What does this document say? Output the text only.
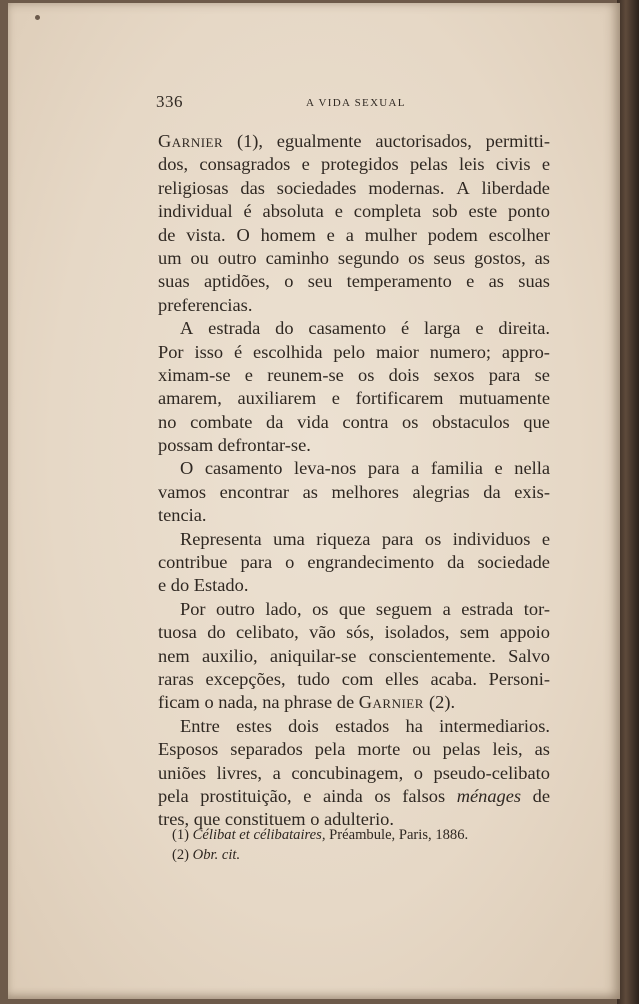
336	A VIDA SEXUAL
Garnier (1), egualmente auctorisados, permitti-
dos, consagrados e protegidos pelas leis civis e
religiosas das sociedades modernas. A liberdade
individual é absoluta e completa sob este ponto
de vista. O homem e a mulher podem escolher
um ou outro caminho segundo os seus gostos, as
suas aptidões, o seu temperamento e as suas
preferencias.
A estrada do casamento é larga e direita.
Por isso é escolhida pelo maior numero; appro-
ximam-se e reunem-se os dois sexos para se
amarem, auxiliarem e fortificarem mutuamente
no combate da vida contra os obstaculos que
possam defrontar-se.
O casamento leva-nos para a familia e nella
vamos encontrar as melhores alegrias da exis-
tencia.
Representa uma riqueza para os individuos e
contribue para o engrandecimento da sociedade
e do Estado.
Por outro lado, os que seguem a estrada tor-
tuosa do celibato, vão sós, isolados, sem appoio
nem auxilio, aniquilar-se conscientemente. Salvo
raras excepções, tudo com elles acaba. Personi-
ficam o nada, na phrase de Garnier (2).
Entre estes dois estados ha intermediarios.
Esposos separados pela morte ou pelas leis, as
uniões livres, a concubinagem, o pseudo-celibato
pela prostituição, e ainda os falsos ménages de
tres, que constituem o adulterio.
(1) Célibat et célibataires, Préambule, Paris, 1886.
(2) Obr. cit.
